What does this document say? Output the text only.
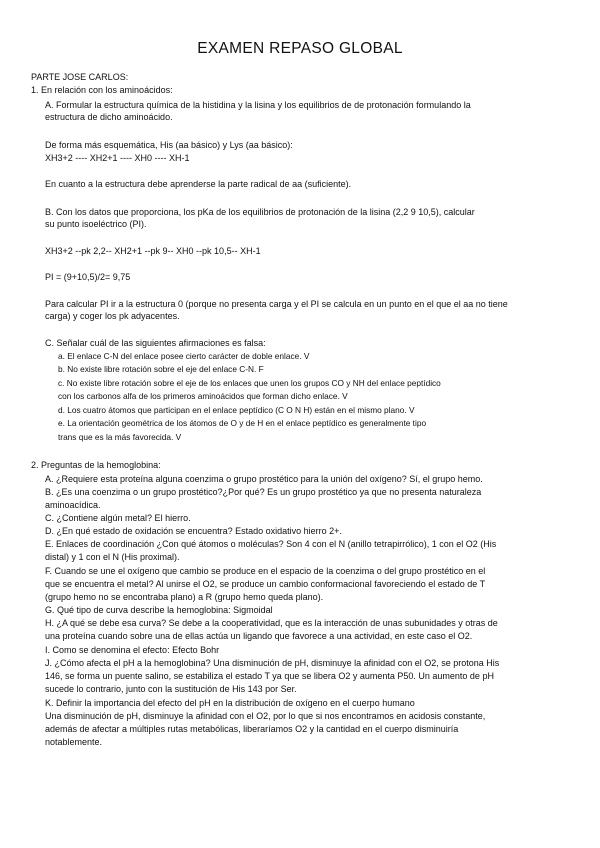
EXAMEN REPASO GLOBAL
PARTE JOSE CARLOS:
1. En relación con los aminoácidos:
A. Formular la estructura química de la histidina y la lisina y los equilibrios de de protonación formulando la
estructura de dicho aminoácido.
De forma más esquemática, His (aa básico) y Lys (aa básico):
XH3+2 ---- XH2+1 ---- XH0 ---- XH-1
En cuanto a la estructura debe aprenderse la parte radical de aa (suficiente).
B. Con los datos que proporciona, los pKa de los equilibrios de protonación de la lisina (2,2 9 10,5), calcular
su punto isoeléctrico (PI).
XH3+2 --pk 2,2-- XH2+1 --pk 9-- XH0 --pk 10,5-- XH-1
PI = (9+10,5)/2= 9,75
Para calcular PI ir a la estructura 0 (porque no presenta carga y el PI se calcula en un punto en el que el aa no tiene
carga) y coger los pk adyacentes.
C. Señalar cuál de las siguientes afirmaciones es falsa:
a. El enlace C-N del enlace posee cierto carácter de doble enlace. V
b. No existe libre rotación sobre el eje del enlace C-N. F
c. No existe libre rotación sobre el eje de los enlaces que unen los grupos CO y NH del enlace peptídico
con los carbonos alfa de los primeros aminoácidos que forman dicho enlace. V
d. Los cuatro átomos que participan en el enlace peptídico (C O N H) están en el mismo plano. V
e. La orientación geométrica de los átomos de O y de H en el enlace peptídico es generalmente tipo
trans que es la más favorecida. V
2. Preguntas de la hemoglobina:
A. ¿Requiere esta proteína alguna coenzima o grupo prostético para la unión del oxígeno? Sí, el grupo hemo.
B. ¿Es una coenzima o un grupo prostético?¿Por qué? Es un grupo prostético ya que no presenta naturaleza
aminoacídica.
C. ¿Contiene algún metal? El hierro.
D. ¿En qué estado de oxidación se encuentra? Estado oxidativo hierro 2+.
E. Enlaces de coordinación ¿Con qué átomos o moléculas? Son 4 con el N (anillo tetrapirrólico), 1 con el O2 (His
distal) y 1 con el N (His proximal).
F. Cuando se une el oxígeno que cambio se produce en el espacio de la coenzima o del grupo prostético en el
que se encuentra el metal? Al unirse el O2, se produce un cambio conformacional favoreciendo el estado de T
(grupo hemo no se encontraba plano) a R (grupo hemo queda plano).
G. Qué tipo de curva describe la hemoglobina: Sigmoidal
H. ¿A qué se debe esa curva? Se debe a la cooperatividad, que es la interacción de unas subunidades y otras de
una proteína cuando sobre una de ellas actúa un ligando que favorece a una actividad, en este caso el O2.
I. Como se denomina el efecto: Efecto Bohr
J. ¿Cómo afecta el pH a la hemoglobina? Una disminución de pH, disminuye la afinidad con el O2, se protona His
146, se forma un puente salino, se estabiliza el estado T ya que se libera O2 y aumenta P50. Un aumento de pH
sucede lo contrario, junto con la sustitución de His 143 por Ser.
K. Definir la importancia del efecto del pH en la distribución de oxígeno en el cuerpo humano
Una disminución de pH, disminuye la afinidad con el O2, por lo que si nos encontramos en acidosis constante,
además de afectar a múltiples rutas metabólicas, liberaríamos O2 y la cantidad en el cuerpo disminuiría
notablemente.
